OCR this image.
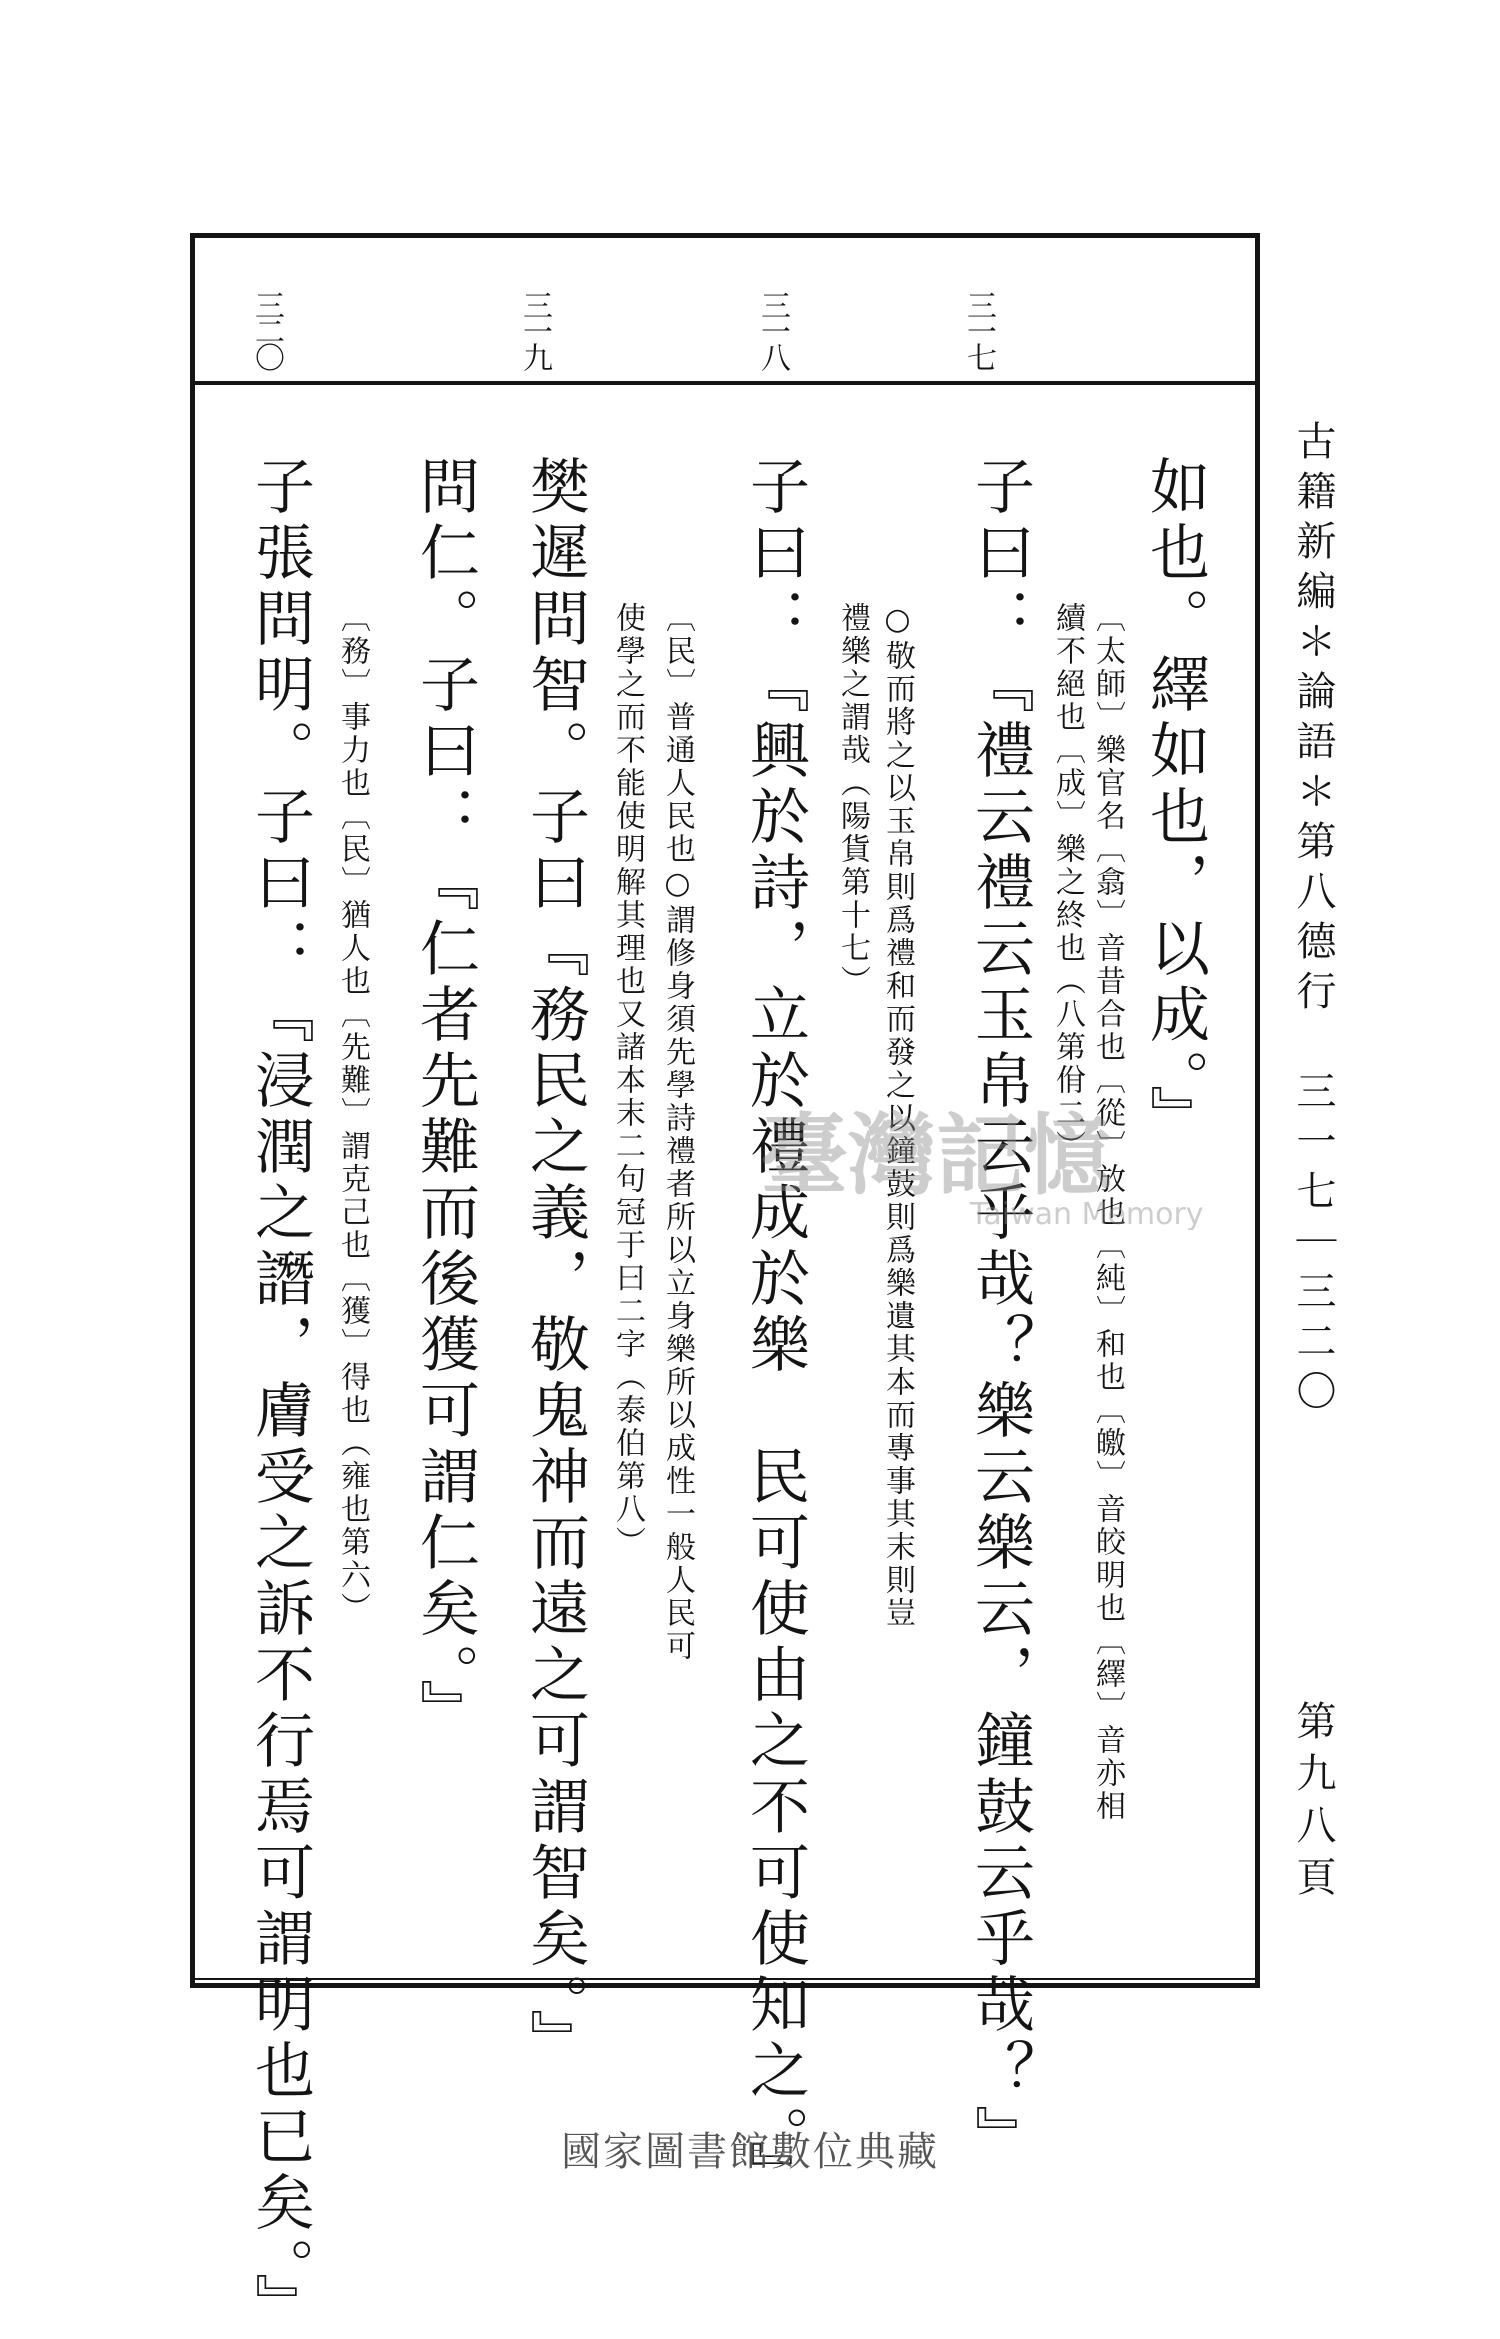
三一七
三一八
三一九
三二〇
如也。繹如也，以成。』
〔太師〕樂官名〔翕〕音昔合也〔從〕放也〔純〕和也〔皦〕音皎明也〔繹〕音亦相
續不絕也〔成〕樂之終也（八第佾二）
子曰：『禮云禮云玉帛云乎哉？樂云樂云，鐘鼓云乎哉？』
○敬而將之以玉帛則爲禮和而發之以鐘鼓則爲樂遺其本而專事其末則豈
禮樂之謂哉（陽貨第十七）
子曰：『興於詩，立於禮成於樂　民可使由之不可使知之。』
〔民〕普通人民也○謂修身須先學詩禮者所以立身樂所以成性一般人民可
使學之而不能使明解其理也又諸本末二句冠于曰二字（泰伯第八）
樊遲問智。子曰『務民之義，敬鬼神而遠之可謂智矣。』
問仁。子曰：『仁者先難而後獲可謂仁矣。』
〔務〕事力也〔民〕猶人也〔先難〕謂克己也〔獲〕得也（雍也第六）
子張問明。子曰：『浸潤之譖，膚受之訴不行焉可謂明也已矣。』	古籍新編＊論語＊第八德行　三一七｜三二〇
第九八頁
臺灣記憶
Taiwan Memory
國家圖書館數位典藏
